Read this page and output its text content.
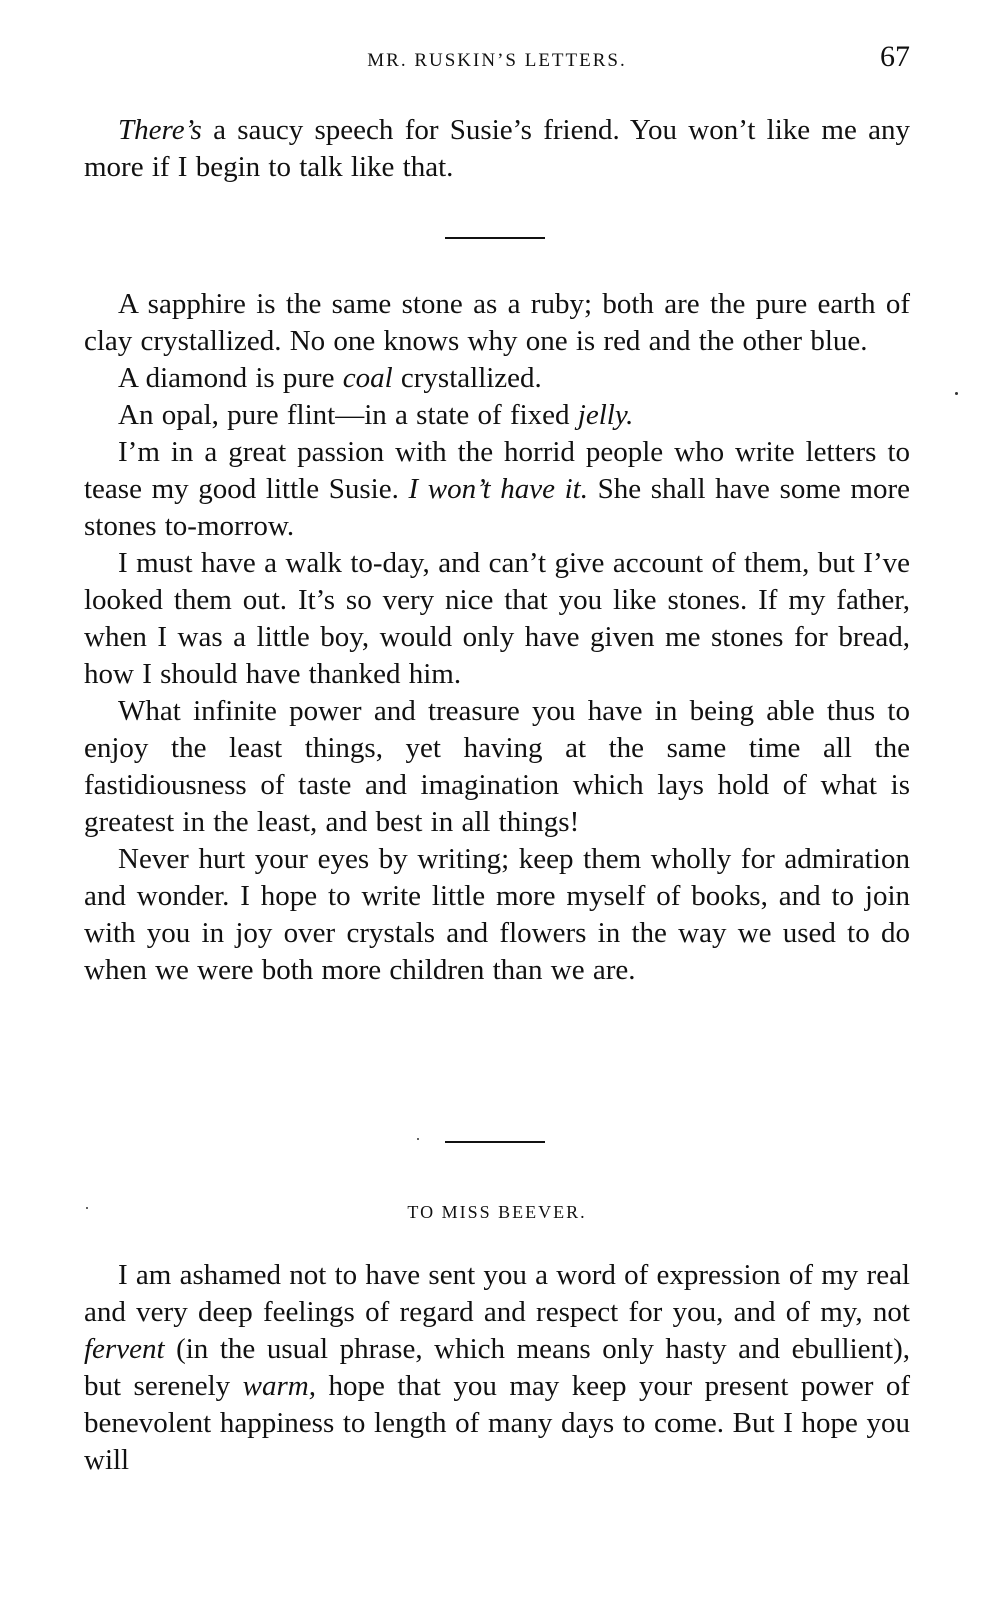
MR. RUSKIN’S LETTERS.	67

There’s a saucy speech for Susie’s friend. You won’t like me any more if I begin to talk like that.

A sapphire is the same stone as a ruby; both are the pure earth of clay crystallized. No one knows why one is red and the other blue.

A diamond is pure coal crystallized.

An opal, pure flint—in a state of fixed jelly.

I’m in a great passion with the horrid people who write letters to tease my good little Susie. I won’t have it. She shall have some more stones to-morrow.

I must have a walk to-day, and can’t give account of them, but I’ve looked them out. It’s so very nice that you like stones. If my father, when I was a little boy, would only have given me stones for bread, how I should have thanked him.

What infinite power and treasure you have in being able thus to enjoy the least things, yet having at the same time all the fastidiousness of taste and imagination which lays hold of what is greatest in the least, and best in all things!

Never hurt your eyes by writing; keep them wholly for admiration and wonder. I hope to write little more myself of books, and to join with you in joy over crystals and flowers in the way we used to do when we were both more children than we are.

TO MISS BEEVER.

I am ashamed not to have sent you a word of expression of my real and very deep feelings of regard and respect for you, and of my, not fervent (in the usual phrase, which means only hasty and ebullient), but serenely warm, hope that you may keep your present power of benevolent happiness to length of many days to come. But I hope you will
